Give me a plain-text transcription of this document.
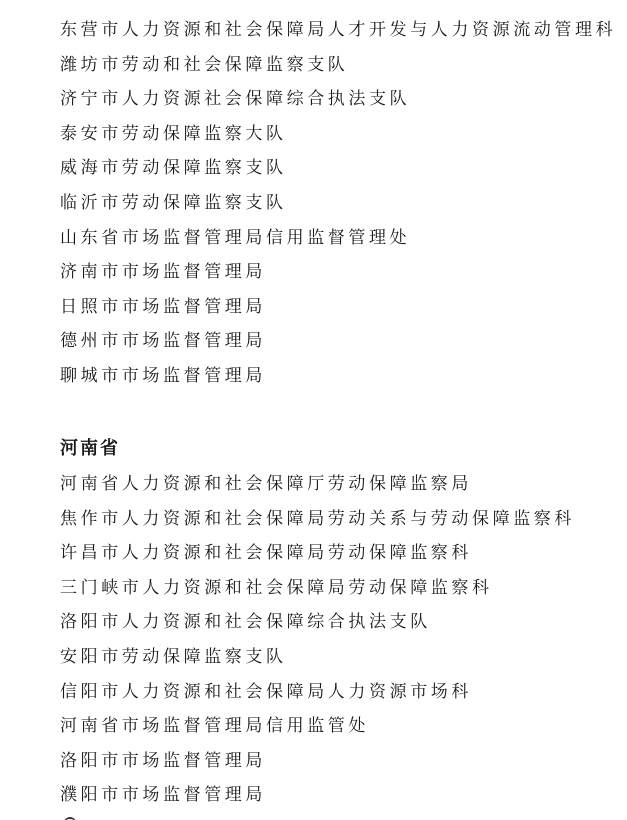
东营市人力资源和社会保障局人才开发与人力资源流动管理科
潍坊市劳动和社会保障监察支队
济宁市人力资源社会保障综合执法支队
泰安市劳动保障监察大队
威海市劳动保障监察支队
临沂市劳动保障监察支队
山东省市场监督管理局信用监督管理处
济南市市场监督管理局
日照市市场监督管理局
德州市市场监督管理局
聊城市市场监督管理局
河南省
河南省人力资源和社会保障厅劳动保障监察局
焦作市人力资源和社会保障局劳动关系与劳动保障监察科
许昌市人力资源和社会保障局劳动保障监察科
三门峡市人力资源和社会保障局劳动保障监察科
洛阳市人力资源和社会保障综合执法支队
安阳市劳动保障监察支队
信阳市人力资源和社会保障局人力资源市场科
河南省市场监督管理局信用监管处
洛阳市市场监督管理局
濮阳市市场监督管理局
